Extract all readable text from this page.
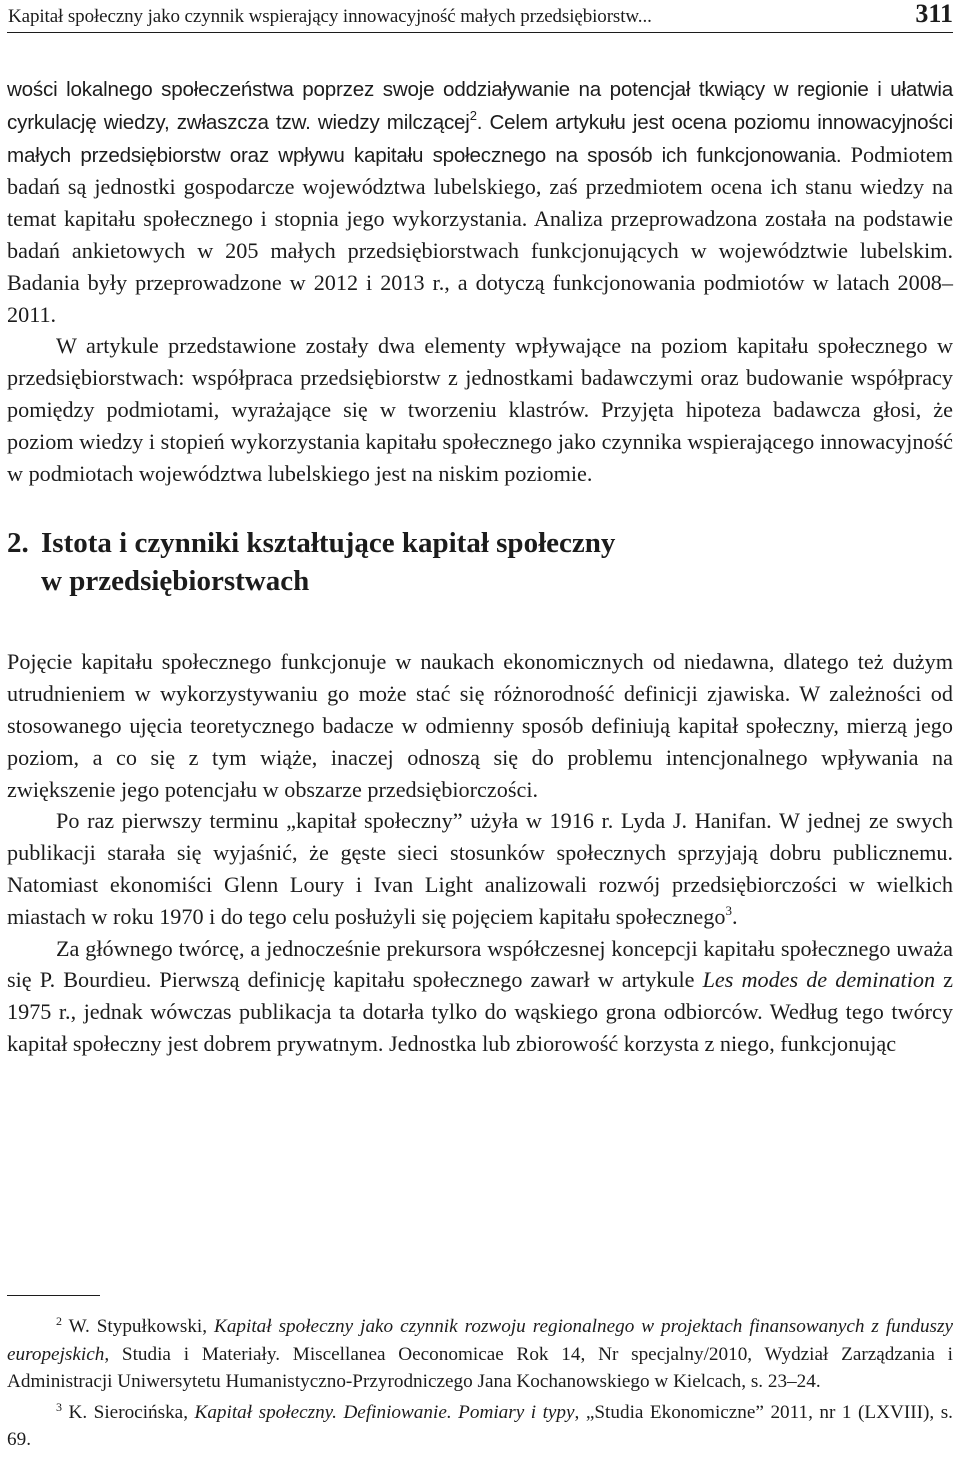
Kapitał społeczny jako czynnik wspierający innowacyjność małych przedsiębiorstw...	311

wości lokalnego społeczeństwa poprzez swoje oddziaływanie na potencjał tkwiący w regionie i ułatwia cyrkulację wiedzy, zwłaszcza tzw. wiedzy milczącej$^2$. Celem artykułu jest ocena poziomu innowacyjności małych przedsiębiorstw oraz wpływu kapitału społecznego na sposób ich funkcjonowania. Podmiotem badań są jednostki gospodarcze województwa lubelskiego, zaś przedmiotem ocena ich stanu wiedzy na temat kapitału społecznego i stopnia jego wykorzystania. Analiza przeprowadzona została na podstawie badań ankietowych w 205 małych przedsiębiorstwach funkcjonujących w województwie lubelskim. Badania były przeprowadzone w 2012 i 2013 r., a dotyczą funkcjonowania podmiotów w latach 2008–2011.

W artykule przedstawione zostały dwa elementy wpływające na poziom kapitału społecznego w przedsiębiorstwach: współpraca przedsiębiorstw z jednostkami badawczymi oraz budowanie współpracy pomiędzy podmiotami, wyrażające się w tworzeniu klastrów. Przyjęta hipoteza badawcza głosi, że poziom wiedzy i stopień wykorzystania kapitału społecznego jako czynnika wspierającego innowacyjność w podmiotach województwa lubelskiego jest na niskim poziomie.

2. Istota i czynniki kształtujące kapitał społeczny
w przedsiębiorstwach

Pojęcie kapitału społecznego funkcjonuje w naukach ekonomicznych od niedawna, dlatego też dużym utrudnieniem w wykorzystywaniu go może stać się różnorodność definicji zjawiska. W zależności od stosowanego ujęcia teoretycznego badacze w odmienny sposób definiują kapitał społeczny, mierzą jego poziom, a co się z tym wiąże, inaczej odnoszą się do problemu intencjonalnego wpływania na zwiększenie jego potencjału w obszarze przedsiębiorczości.

Po raz pierwszy terminu „kapitał społeczny” użyła w 1916 r. Lyda J. Hanifan. W jednej ze swych publikacji starała się wyjaśnić, że gęste sieci stosunków społecznych sprzyjają dobru publicznemu. Natomiast ekonomiści Glenn Loury i Ivan Light analizowali rozwój przedsiębiorczości w wielkich miastach w roku 1970 i do tego celu posłużyli się pojęciem kapitału społecznego$^3$.

Za głównego twórcę, a jednocześnie prekursora współczesnej koncepcji kapitału społecznego uważa się P. Bourdieu. Pierwszą definicję kapitału społecznego zawarł w artykule Les modes de demination z 1975 r., jednak wówczas publikacja ta dotarła tylko do wąskiego grona odbiorców. Według tego twórcy kapitał społeczny jest dobrem prywatnym. Jednostka lub zbiorowość korzysta z niego, funkcjonując

$^2$ W. Stypułkowski, Kapitał społeczny jako czynnik rozwoju regionalnego w projektach finansowanych z funduszy europejskich, Studia i Materiały. Miscellanea Oeconomicae Rok 14, Nr specjalny/2010, Wydział Zarządzania i Administracji Uniwersytetu Humanistyczno-Przyrodniczego Jana Kochanowskiego w Kielcach, s. 23–24.

$^3$ K. Sierocińska, Kapitał społeczny. Definiowanie. Pomiary i typy, „Studia Ekonomiczne” 2011, nr 1 (LXVIII), s. 69.
